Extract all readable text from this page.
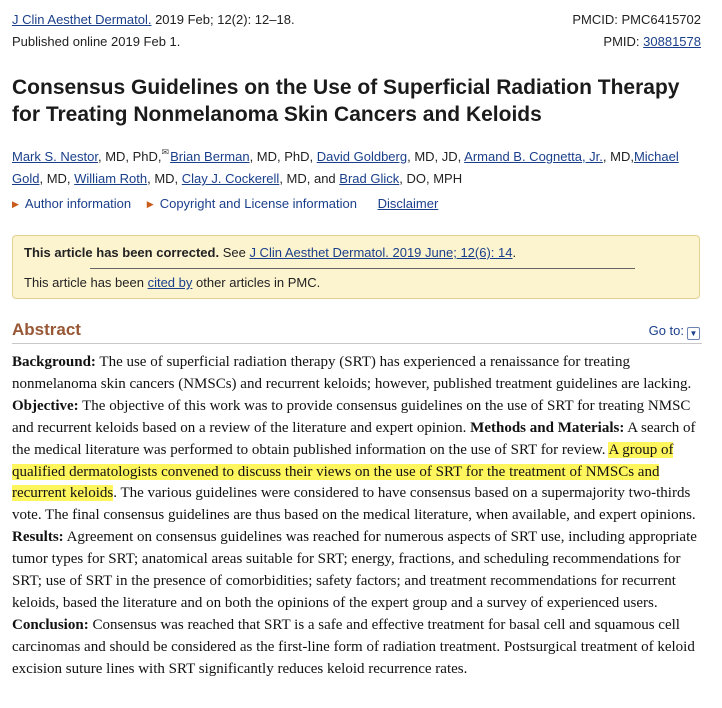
J Clin Aesthet Dermatol. 2019 Feb; 12(2): 12–18.	PMCID: PMC6415702
Published online 2019 Feb 1.	PMID: 30881578
Consensus Guidelines on the Use of Superficial Radiation Therapy for Treating Nonmelanoma Skin Cancers and Keloids
Mark S. Nestor, MD, PhD,✉Brian Berman, MD, PhD, David Goldberg, MD, JD, Armand B. Cognetta, Jr., MD,Michael Gold, MD, William Roth, MD, Clay J. Cockerell, MD, and Brad Glick, DO, MPH
▶ Author information ▶ Copyright and License information Disclaimer
This article has been corrected. See J Clin Aesthet Dermatol. 2019 June; 12(6): 14.
This article has been cited by other articles in PMC.
Abstract	Go to: ▼
Background: The use of superficial radiation therapy (SRT) has experienced a renaissance for treating nonmelanoma skin cancers (NMSCs) and recurrent keloids; however, published treatment guidelines are lacking. Objective: The objective of this work was to provide consensus guidelines on the use of SRT for treating NMSC and recurrent keloids based on a review of the literature and expert opinion. Methods and Materials: A search of the medical literature was performed to obtain published information on the use of SRT for review. A group of qualified dermatologists convened to discuss their views on the use of SRT for the treatment of NMSCs and recurrent keloids. The various guidelines were considered to have consensus based on a supermajority two-thirds vote. The final consensus guidelines are thus based on the medical literature, when available, and expert opinions. Results: Agreement on consensus guidelines was reached for numerous aspects of SRT use, including appropriate tumor types for SRT; anatomical areas suitable for SRT; energy, fractions, and scheduling recommendations for SRT; use of SRT in the presence of comorbidities; safety factors; and treatment recommendations for recurrent keloids, based the literature and on both the opinions of the expert group and a survey of experienced users. Conclusion: Consensus was reached that SRT is a safe and effective treatment for basal cell and squamous cell carcinomas and should be considered as the first-line form of radiation treatment. Postsurgical treatment of keloid excision suture lines with SRT significantly reduces keloid recurrence rates.
